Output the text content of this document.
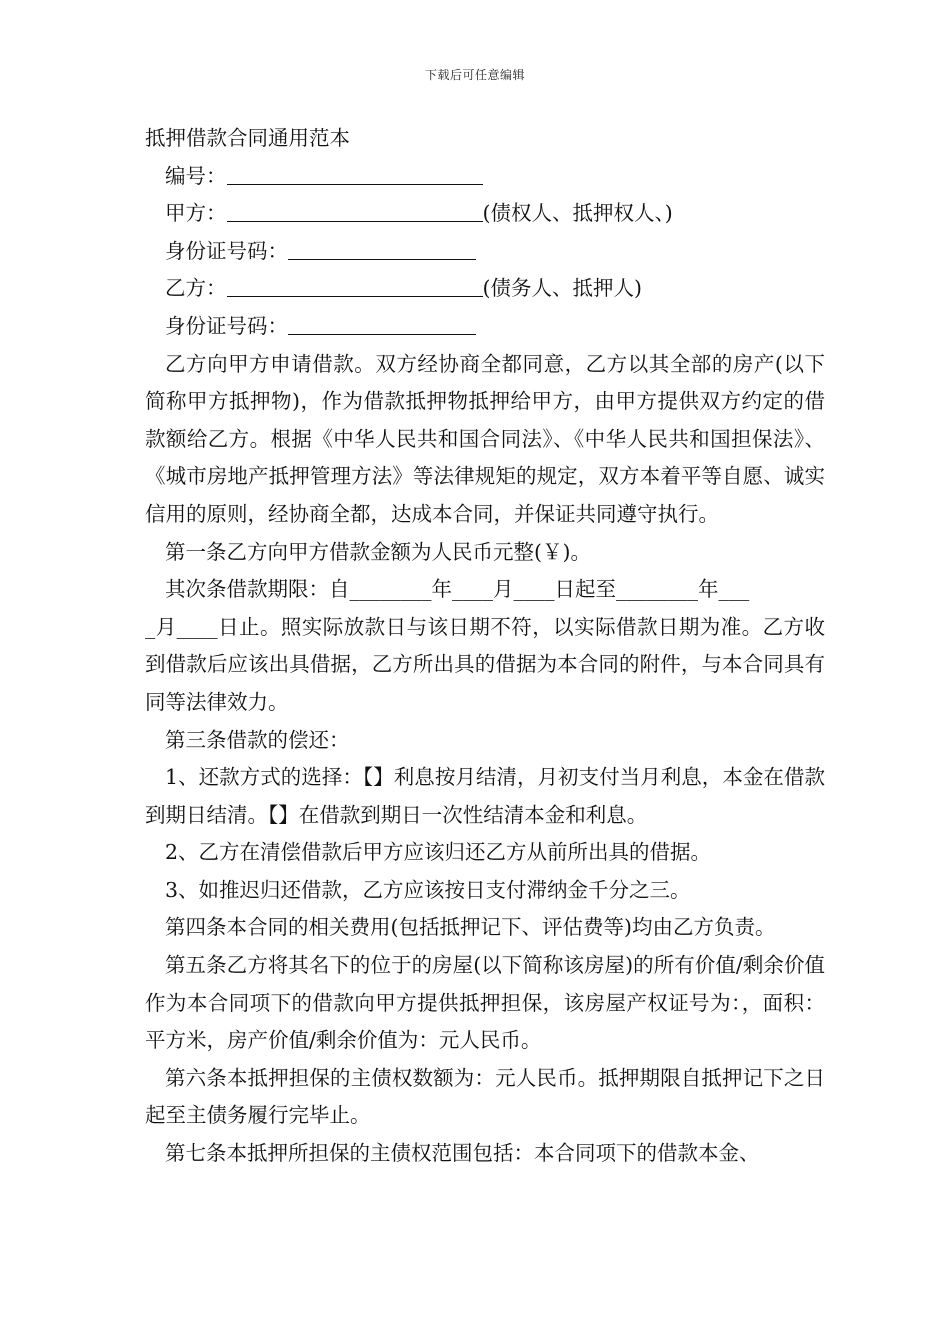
下载后可任意编辑

抵押借款合同通用范本

编号：

甲方：	(债权人、抵押权人、)

身份证号码：

乙方：	(债务人、抵押人)

身份证号码：

乙方向甲方申请借款。双方经协商全都同意，乙方以其全部的房产(以下简称甲方抵押物)，作为借款抵押物抵押给甲方，由甲方提供双方约定的借款额给乙方。根据《中华人民共和国合同法》、《中华人民共和国担保法》、《城市房地产抵押管理方法》等法律规矩的规定，双方本着平等自愿、诚实信用的原则，经协商全都，达成本合同，并保证共同遵守执行。

第一条乙方向甲方借款金额为人民币元整(￥)。

其次条借款期限：自________年____月____日起至________年___

_月____日止。照实际放款日与该日期不符，以实际借款日期为准。乙方收到借款后应该出具借据，乙方所出具的借据为本合同的附件，与本合同具有同等法律效力。

第三条借款的偿还：

1、还款方式的选择：【】利息按月结清，月初支付当月利息，本金在借款到期日结清。【】在借款到期日一次性结清本金和利息。

2、乙方在清偿借款后甲方应该归还乙方从前所出具的借据。

3、如推迟归还借款，乙方应该按日支付滞纳金千分之三。

第四条本合同的相关费用(包括抵押记下、评估费等)均由乙方负责。

第五条乙方将其名下的位于的房屋(以下简称该房屋)的所有价值/剩余价值作为本合同项下的借款向甲方提供抵押担保，该房屋产权证号为：，面积：平方米，房产价值/剩余价值为：元人民币。

第六条本抵押担保的主债权数额为：元人民币。抵押期限自抵押记下之日起至主债务履行完毕止。

第七条本抵押所担保的主债权范围包括：本合同项下的借款本金、
